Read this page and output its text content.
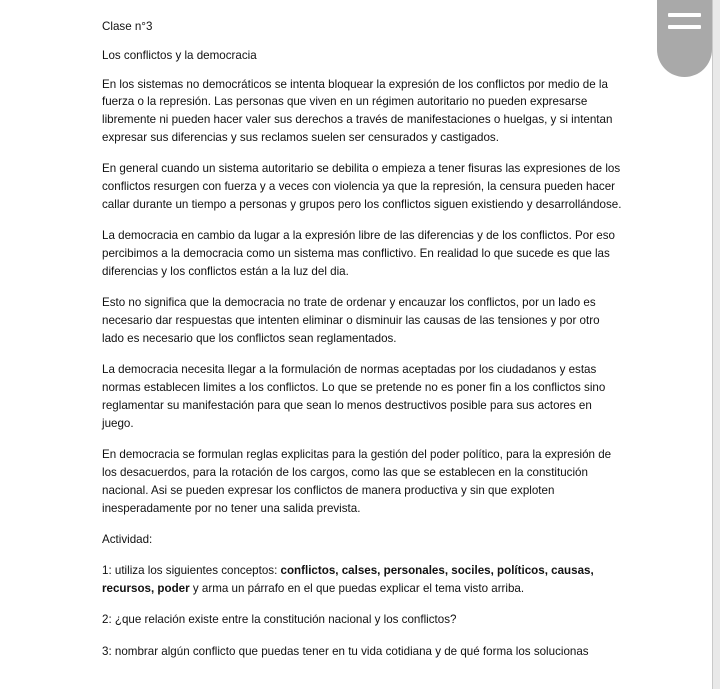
Clase n°3

Los conflictos y la democracia

En los sistemas no democráticos se intenta bloquear la expresión de los conflictos por medio de la fuerza o la represión. Las personas que viven en un régimen autoritario no pueden expresarse libremente ni pueden hacer valer sus derechos a través de manifestaciones o huelgas, y si intentan expresar sus diferencias y sus reclamos suelen ser censurados y castigados.

En general cuando un sistema autoritario se debilita o empieza a tener fisuras las expresiones de los conflictos resurgen con fuerza y a veces con violencia ya que la represión, la censura pueden hacer callar durante un tiempo a personas y grupos pero los conflictos siguen existiendo y desarrollándose.

La democracia en cambio da lugar a la expresión libre de las diferencias y de los conflictos. Por eso percibimos a la democracia como un sistema mas conflictivo. En realidad lo que sucede es que las diferencias y los conflictos están a la luz del dia.

Esto no significa que la democracia no trate de ordenar y encauzar los conflictos, por un lado es necesario dar respuestas que intenten eliminar o disminuir las causas de las tensiones y por otro lado es necesario que los conflictos sean reglamentados.

La democracia necesita llegar a la formulación de normas aceptadas por los ciudadanos y estas normas establecen limites a los conflictos. Lo que se pretende no es poner fin a los conflictos sino reglamentar su manifestación para que sean lo menos destructivos posible para sus actores en juego.

En democracia se formulan reglas explicitas para la gestión del poder político, para la expresión de los desacuerdos, para la rotación de los cargos, como las que se establecen en la constitución nacional. Asi se pueden expresar los conflictos de manera productiva y sin que exploten inesperadamente por no tener una salida prevista.

Actividad:

1: utiliza los siguientes conceptos: conflictos, calses, personales, sociles, políticos, causas, recursos, poder y arma un párrafo en el que puedas explicar el tema visto arriba.

2: ¿que relación existe entre la constitución nacional y los conflictos?

3: nombrar algún conflicto que puedas tener en tu vida cotidiana y de qué forma los solucionas
